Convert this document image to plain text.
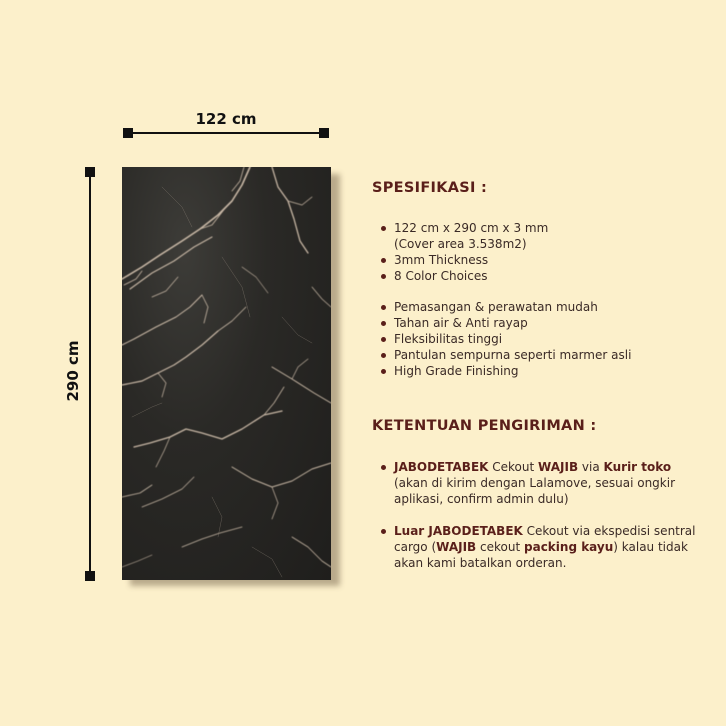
122 cm
290 cm
SPESIFIKASI :
122 cm x 290 cm x 3 mm
(Cover area 3.538m2)
3mm Thickness
8 Color Choices
Pemasangan & perawatan mudah
Tahan air & Anti rayap
Fleksibilitas tinggi
Pantulan sempurna seperti marmer asli
High Grade Finishing
KETENTUAN PENGIRIMAN :
JABODETABEK Cekout WAJIB via Kurir toko (akan di kirim dengan Lalamove, sesuai ongkir aplikasi, confirm admin dulu)
Luar JABODETABEK Cekout via ekspedisi sentral cargo (WAJIB cekout packing kayu) kalau tidak akan kami batalkan orderan.
